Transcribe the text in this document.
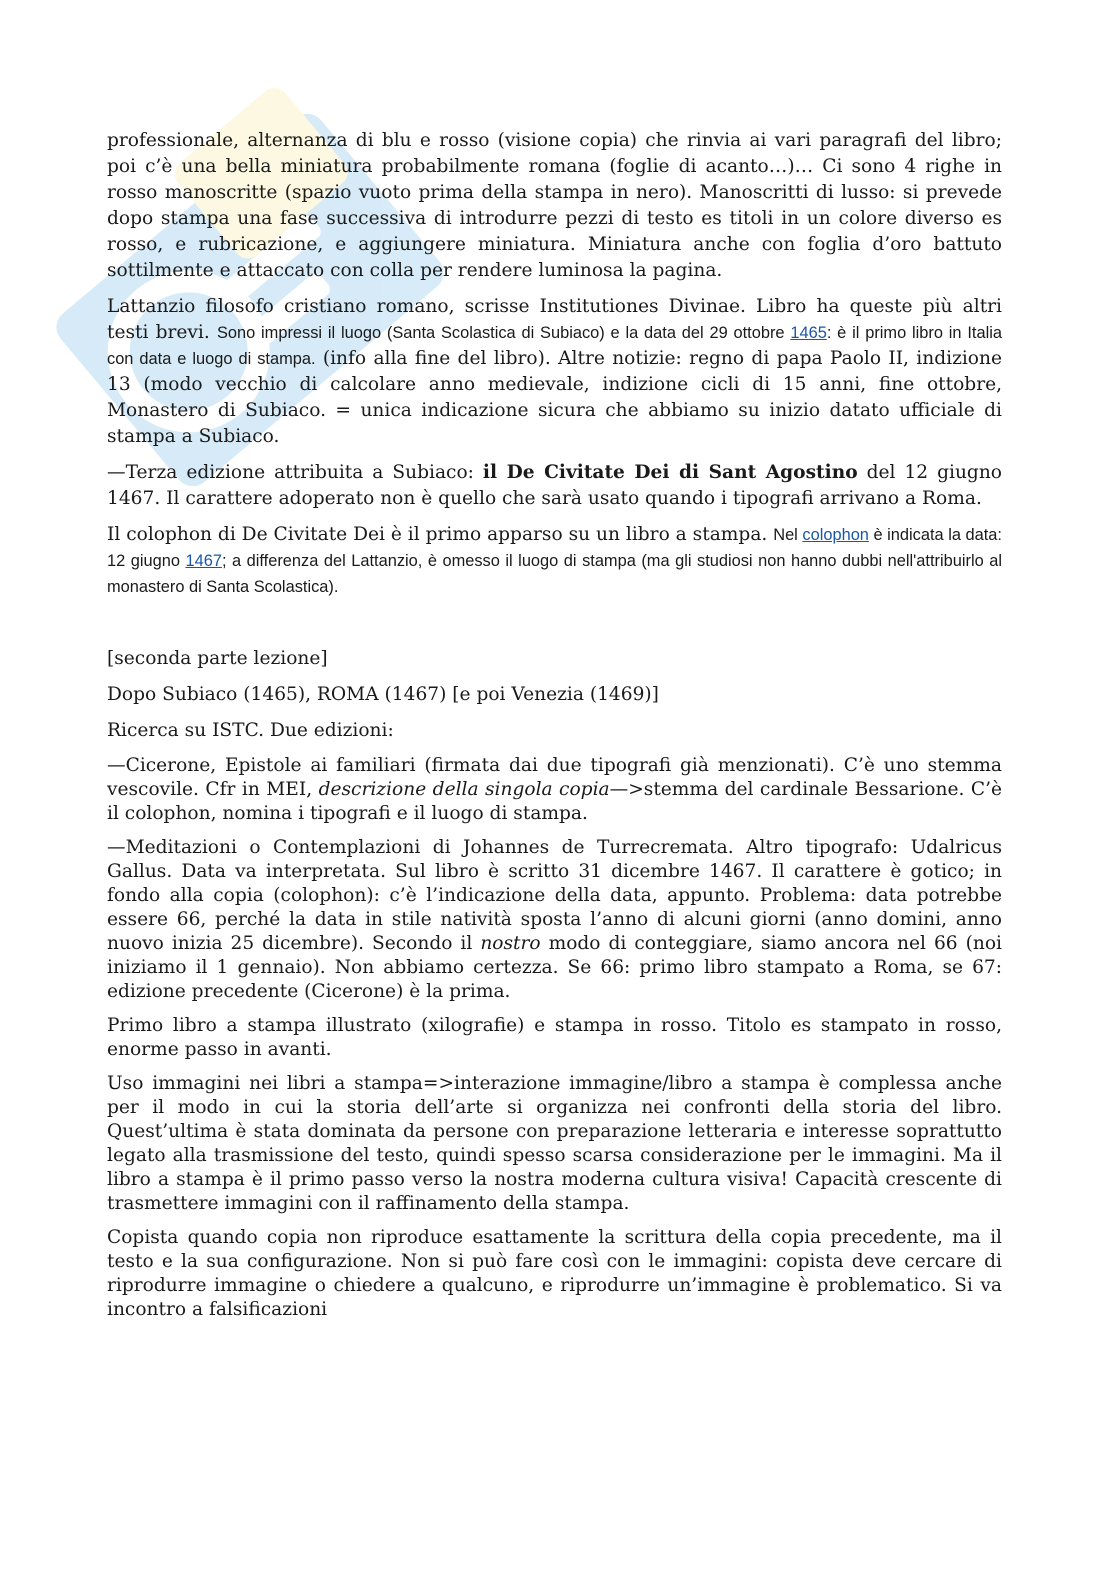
professionale, alternanza di blu e rosso (visione copia) che rinvia ai vari paragrafi del libro; poi c’è una bella miniatura probabilmente romana (foglie di acanto…)… Ci sono 4 righe in rosso manoscritte (spazio vuoto prima della stampa in nero). Manoscritti di lusso: si prevede dopo stampa una fase successiva di introdurre pezzi di testo es titoli in un colore diverso es rosso, e rubricazione, e aggiungere miniatura. Miniatura anche con foglia d’oro battuto sottilmente e attaccato con colla per rendere luminosa la pagina.

Lattanzio filosofo cristiano romano, scrisse Institutiones Divinae. Libro ha queste più altri testi brevi. Sono impressi il luogo (Santa Scolastica di Subiaco) e la data del 29 ottobre 1465: è il primo libro in Italia con data e luogo di stampa. (info alla fine del libro). Altre notizie: regno di papa Paolo II, indizione 13 (modo vecchio di calcolare anno medievale, indizione cicli di 15 anni, fine ottobre, Monastero di Subiaco. = unica indicazione sicura che abbiamo su inizio datato ufficiale di stampa a Subiaco.

—Terza edizione attribuita a Subiaco: il De Civitate Dei di Sant Agostino del 12 giugno 1467. Il carattere adoperato non è quello che sarà usato quando i tipografi arrivano a Roma.

Il colophon di De Civitate Dei è il primo apparso su un libro a stampa. Nel colophon è indicata la data: 12 giugno 1467; a differenza del Lattanzio, è omesso il luogo di stampa (ma gli studiosi non hanno dubbi nell'attribuirlo al monastero di Santa Scolastica).

[seconda parte lezione]

Dopo Subiaco (1465), ROMA (1467) [e poi Venezia (1469)]

Ricerca su ISTC. Due edizioni:

—Cicerone, Epistole ai familiari (firmata dai due tipografi già menzionati). C’è uno stemma vescovile. Cfr in MEI, descrizione della singola copia—>stemma del cardinale Bessarione. C’è il colophon, nomina i tipografi e il luogo di stampa.

—Meditazioni o Contemplazioni di Johannes de Turrecremata. Altro tipografo: Udalricus Gallus. Data va interpretata. Sul libro è scritto 31 dicembre 1467. Il carattere è gotico; in fondo alla copia (colophon): c’è l’indicazione della data, appunto. Problema: data potrebbe essere 66, perché la data in stile natività sposta l’anno di alcuni giorni (anno domini, anno nuovo inizia 25 dicembre). Secondo il nostro modo di conteggiare, siamo ancora nel 66 (noi iniziamo il 1 gennaio). Non abbiamo certezza. Se 66: primo libro stampato a Roma, se 67: edizione precedente (Cicerone) è la prima.

Primo libro a stampa illustrato (xilografie) e stampa in rosso. Titolo es stampato in rosso, enorme passo in avanti.

Uso immagini nei libri a stampa=>interazione immagine/libro a stampa è complessa anche per il modo in cui la storia dell’arte si organizza nei confronti della storia del libro. Quest’ultima è stata dominata da persone con preparazione letteraria e interesse soprattutto legato alla trasmissione del testo, quindi spesso scarsa considerazione per le immagini. Ma il libro a stampa è il primo passo verso la nostra moderna cultura visiva! Capacità crescente di trasmettere immagini con il raffinamento della stampa.

Copista quando copia non riproduce esattamente la scrittura della copia precedente, ma il testo e la sua configurazione. Non si può fare così con le immagini: copista deve cercare di riprodurre immagine o chiedere a qualcuno, e riprodurre un’immagine è problematico. Si va incontro a falsificazioni
